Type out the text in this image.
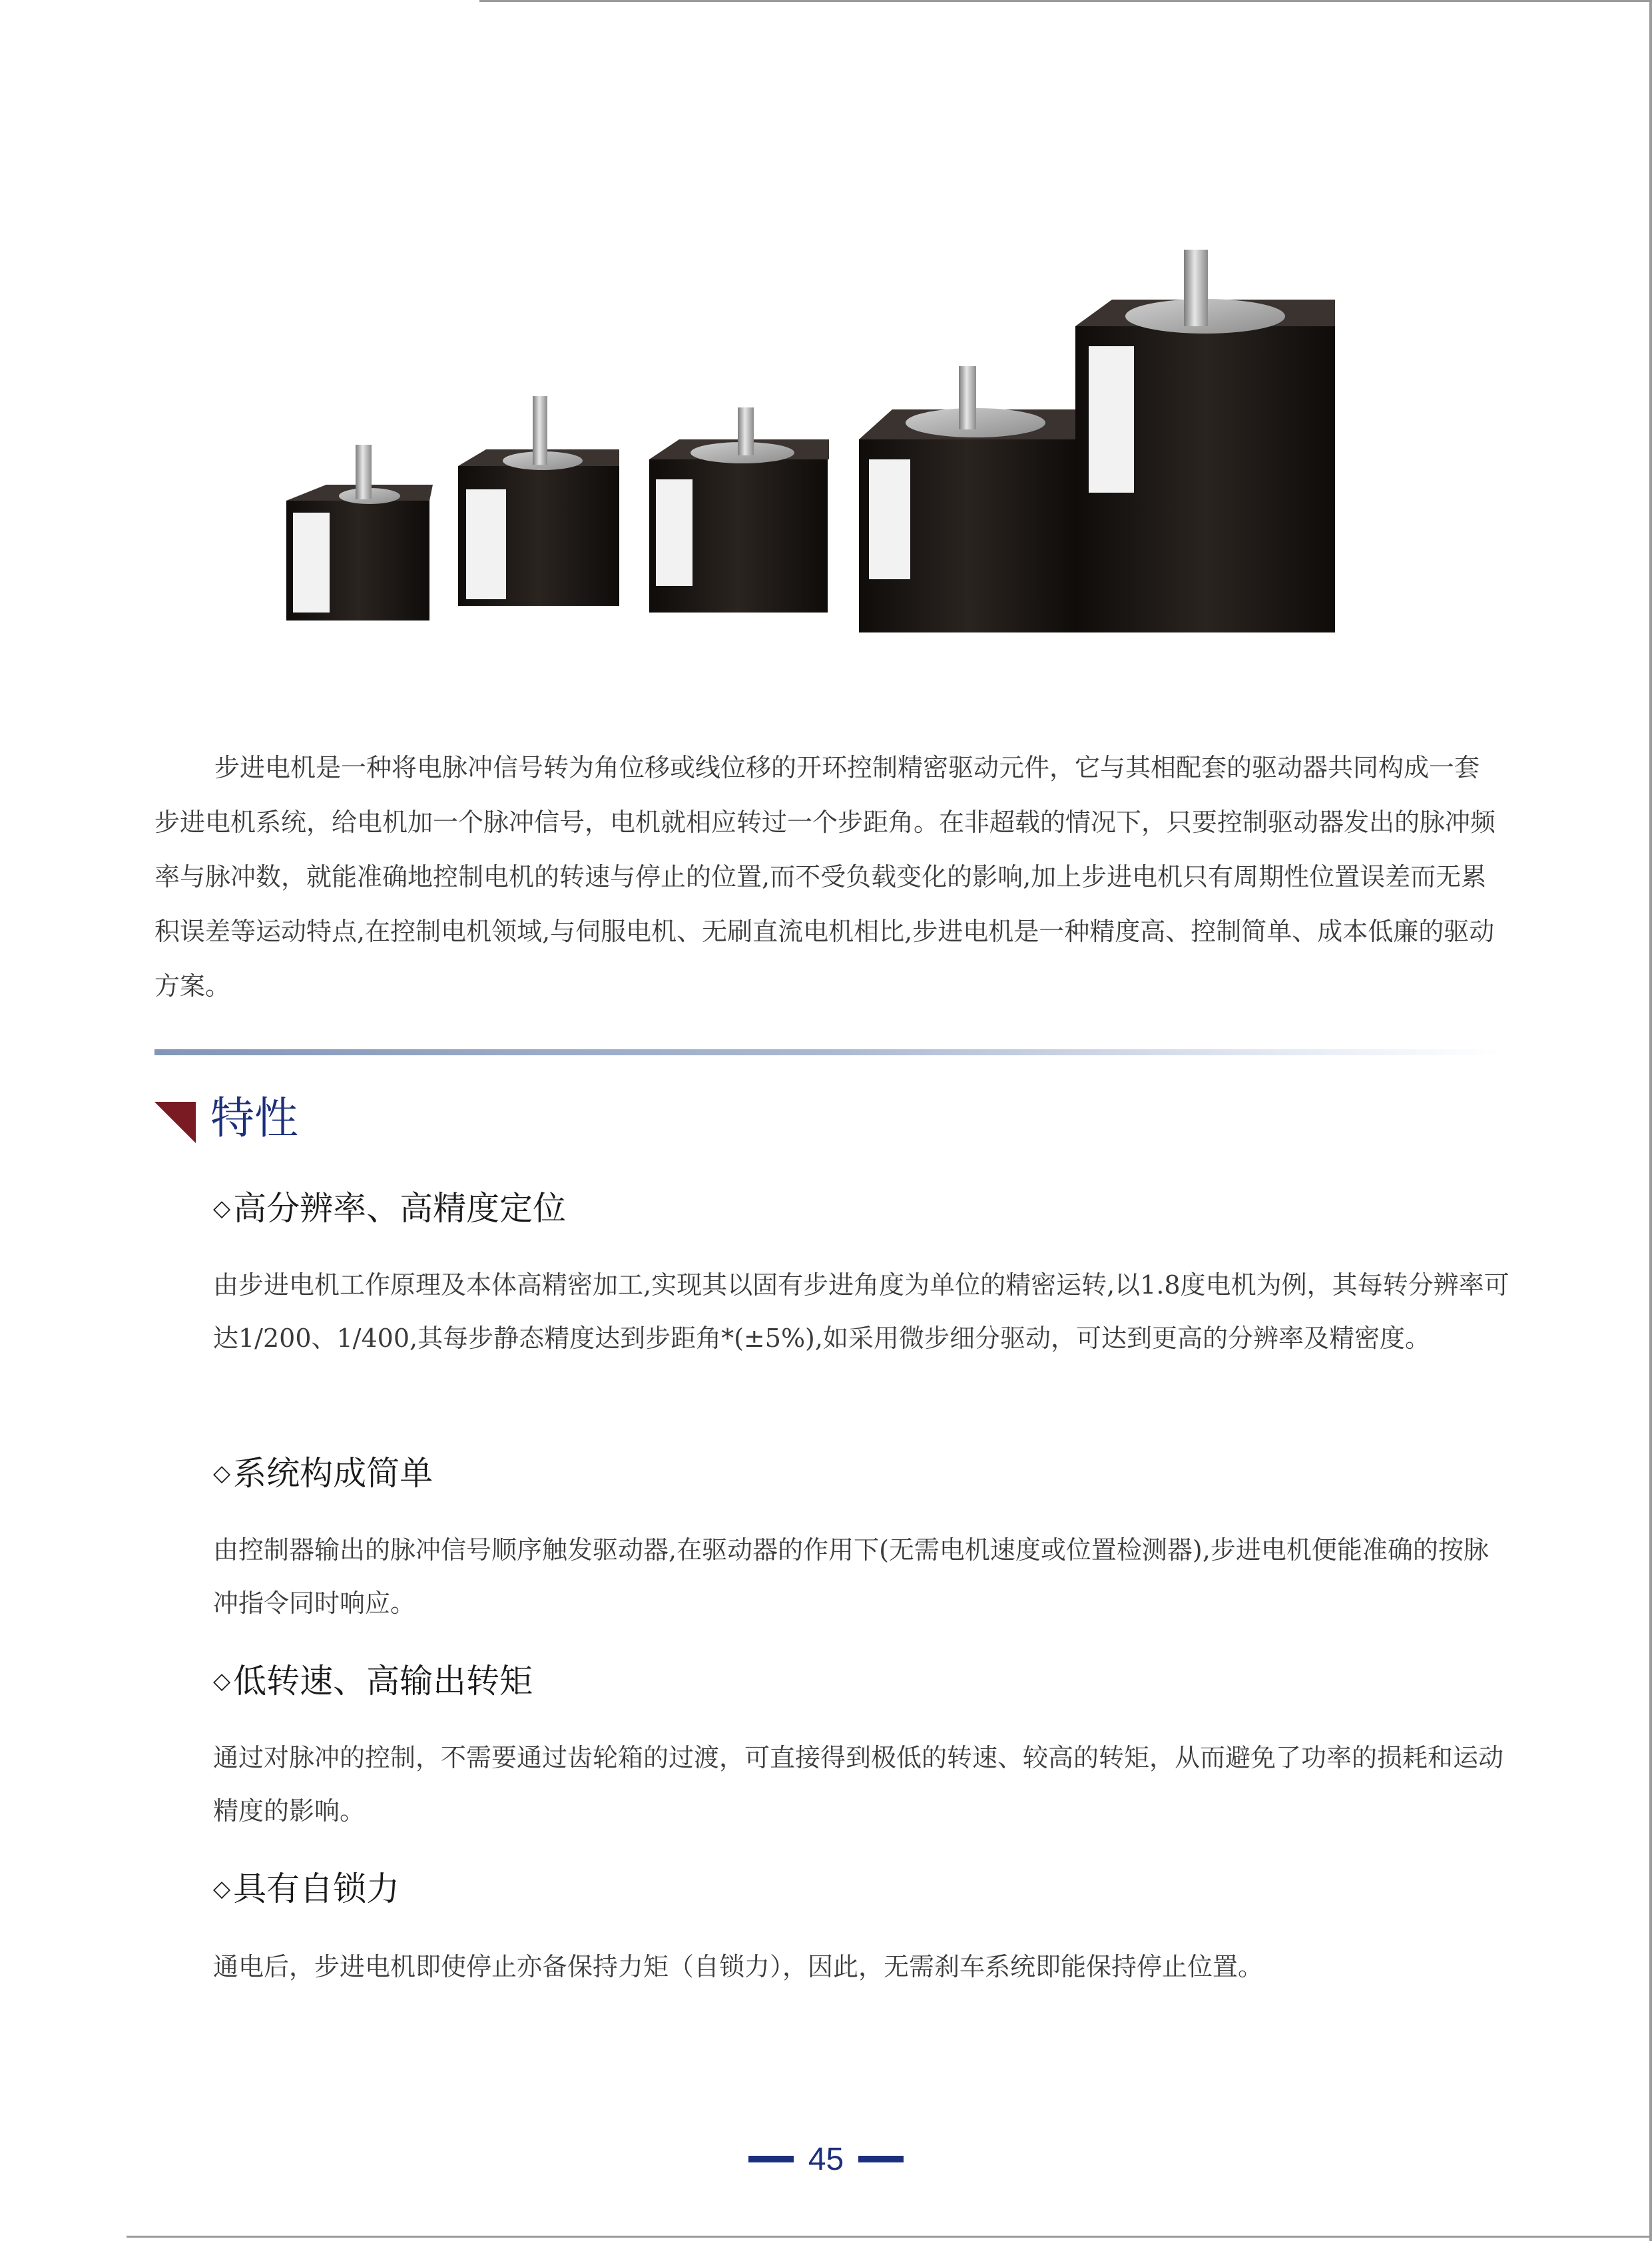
步进电机是一种将电脉冲信号转为角位移或线位移的开环控制精密驱动元件，它与其相配套的驱动器共同构成一套步进电机系统，给电机加一个脉冲信号，电机就相应转过一个步距角。在非超载的情况下，只要控制驱动器发出的脉冲频率与脉冲数，就能准确地控制电机的转速与停止的位置,而不受负载变化的影响,加上步进电机只有周期性位置误差而无累积误差等运动特点,在控制电机领域,与伺服电机、无刷直流电机相比,步进电机是一种精度高、控制简单、成本低廉的驱动方案。

特性
◇高分辨率、高精度定位

由步进电机工作原理及本体高精密加工,实现其以固有步进角度为单位的精密运转,以1.8度电机为例，其每转分辨率可达1/200、1/400,其每步静态精度达到步距角*(±5%),如采用微步细分驱动，可达到更高的分辨率及精密度。

◇系统构成简单

由控制器输出的脉冲信号顺序触发驱动器,在驱动器的作用下(无需电机速度或位置检测器),步进电机便能准确的按脉冲指令同时响应。

◇低转速、高输出转矩

通过对脉冲的控制，不需要通过齿轮箱的过渡，可直接得到极低的转速、较高的转矩，从而避免了功率的损耗和运动精度的影响。

◇具有自锁力

通电后，步进电机即使停止亦备保持力矩（自锁力），因此，无需刹车系统即能保持停止位置。

45
